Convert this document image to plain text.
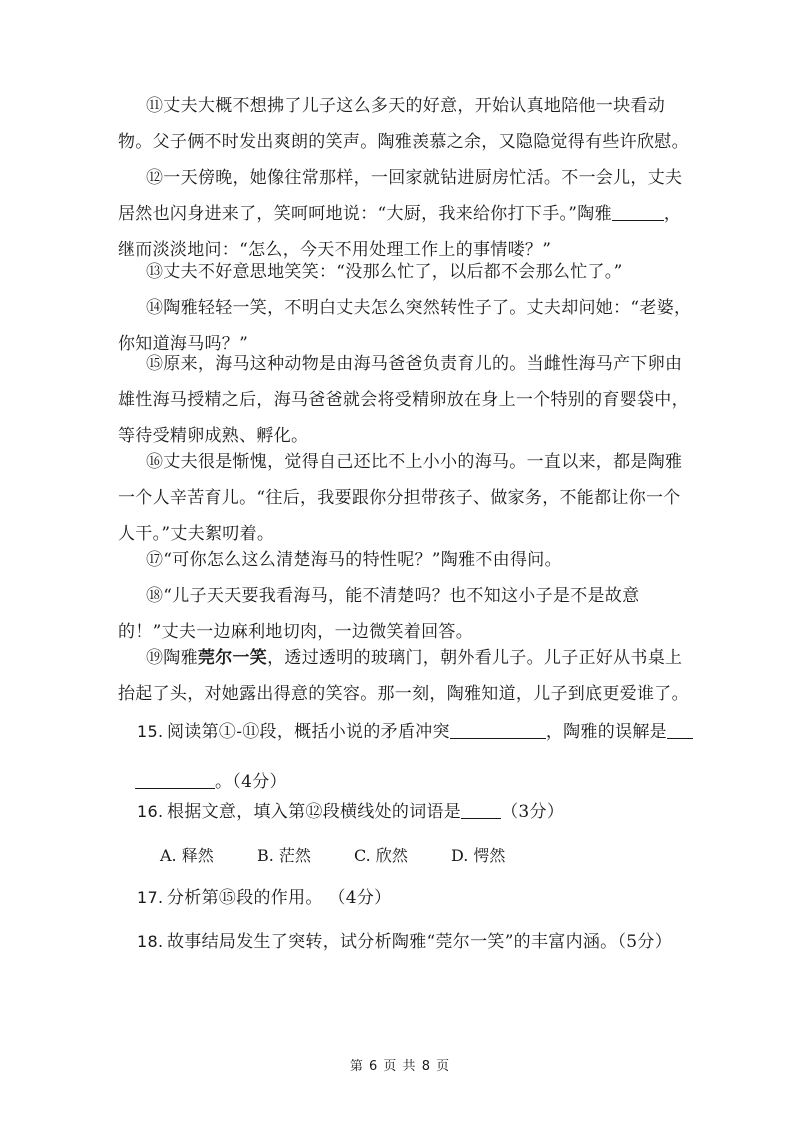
⑪丈夫大概不想拂了儿子这么多天的好意，开始认真地陪他一块看动物。父子俩不时发出爽朗的笑声。陶雅羡慕之余，又隐隐觉得有些许欣慰。

⑫一天傍晚，她像往常那样，一回家就钻进厨房忙活。不一会儿，丈夫居然也闪身进来了，笑呵呵地说：“大厨，我来给你打下手。”陶雅	，继而淡淡地问：“怎么，今天不用处理工作上的事情喽？”

⑬丈夫不好意思地笑笑：“没那么忙了，以后都不会那么忙了。”

⑭陶雅轻轻一笑，不明白丈夫怎么突然转性子了。丈夫却问她：“老婆，你知道海马吗？”

⑮原来，海马这种动物是由海马爸爸负责育儿的。当雌性海马产下卵由雄性海马授精之后，海马爸爸就会将受精卵放在身上一个特别的育婴袋中，等待受精卵成熟、孵化。

⑯丈夫很是惭愧，觉得自己还比不上小小的海马。一直以来，都是陶雅一个人辛苦育儿。“往后，我要跟你分担带孩子、做家务，不能都让你一个人干。”丈夫絮叨着。

⑰“可你怎么这么清楚海马的特性呢？”陶雅不由得问。

⑱“儿子天天要我看海马，能不清楚吗？也不知这小子是不是故意的！”丈夫一边麻利地切肉，一边微笑着回答。

⑲陶雅莞尔一笑，透过透明的玻璃门，朝外看儿子。儿子正好从书桌上抬起了头，对她露出得意的笑容。那一刻，陶雅知道，儿子到底更爱谁了。

15. 阅读第①-⑪段，概括小说的矛盾冲突	，陶雅的误解是
。（4分）
16. 根据文意，填入第⑫段横线处的词语是 （3分）
A. 释然	B. 茫然	C. 欣然	D. 愕然
17. 分析第⑮段的作用。 （4分）
18. 故事结局发生了突转，试分析陶雅“莞尔一笑”的丰富内涵。（5分）
第 6 页 共 8 页
